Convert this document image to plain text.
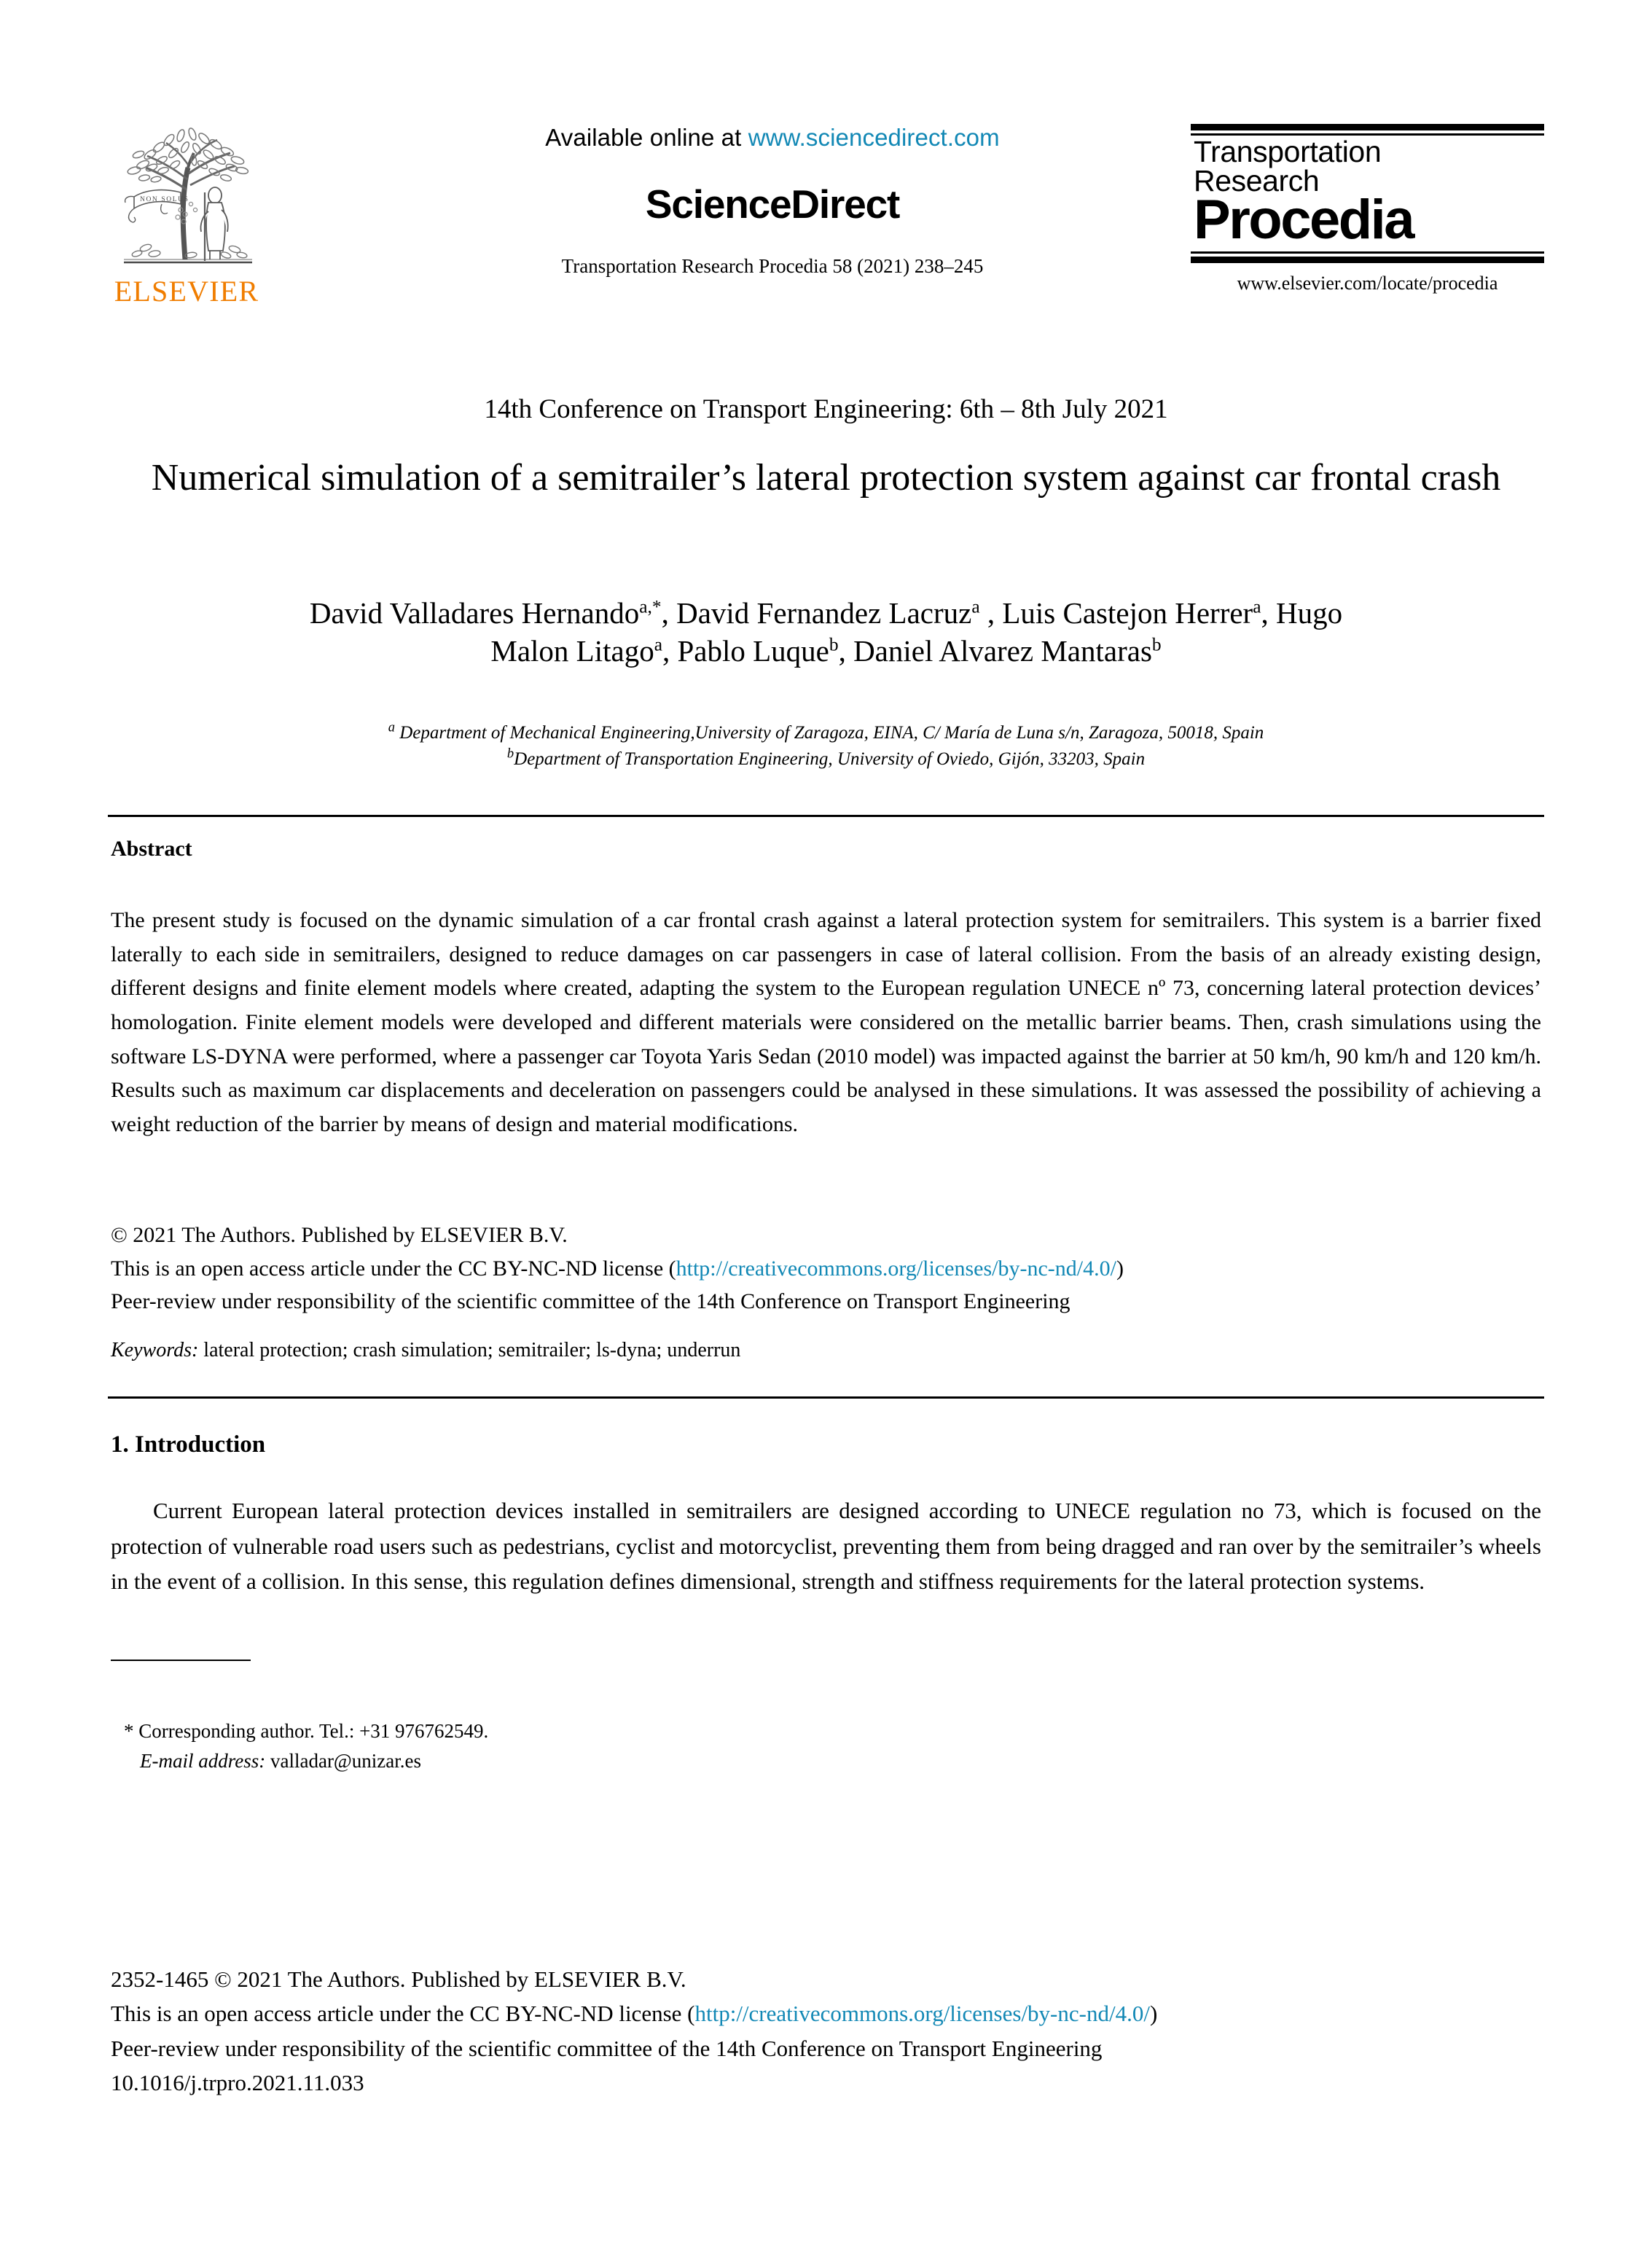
NON SOLUS
ELSEVIER
Available online at www.sciencedirect.com
ScienceDirect
Transportation Research Procedia 58 (2021) 238–245
Transportation
Research
Procedia
www.elsevier.com/locate/procedia
14th Conference on Transport Engineering: 6th – 8th July 2021
Numerical simulation of a semitrailer’s lateral protection system against car frontal crash
David Valladares Hernando$^{a,*}$, David Fernandez Lacruz$^a$ , Luis Castejon Herrer$^a$, Hugo
Malon Litago$^a$, Pablo Luque$^b$, Daniel Alvarez Mantaras$^b$
$^a$ Department of Mechanical Engineering,University of Zaragoza, EINA, C/ María de Luna s/n, Zaragoza, 50018, Spain
$^b$Department of Transportation Engineering, University of Oviedo, Gijón, 33203, Spain
Abstract
The present study is focused on the dynamic simulation of a car frontal crash against a lateral protection system for semitrailers. This system is a barrier fixed laterally to each side in semitrailers, designed to reduce damages on car passengers in case of lateral collision. From the basis of an already existing design, different designs and finite element models where created, adapting the system to the European regulation UNECE nº 73, concerning lateral protection devices’ homologation. Finite element models were developed and different materials were considered on the metallic barrier beams. Then, crash simulations using the software LS-DYNA were performed, where a passenger car Toyota Yaris Sedan (2010 model) was impacted against the barrier at 50 km/h, 90 km/h and 120 km/h. Results such as maximum car displacements and deceleration on passengers could be analysed in these simulations. It was assessed the possibility of achieving a weight reduction of the barrier by means of design and material modifications.
© 2021 The Authors. Published by ELSEVIER B.V.
This is an open access article under the CC BY-NC-ND license (http://creativecommons.org/licenses/by-nc-nd/4.0/)
Peer-review under responsibility of the scientific committee of the 14th Conference on Transport Engineering
Keywords: lateral protection; crash simulation; semitrailer; ls-dyna; underrun
1. Introduction
Current European lateral protection devices installed in semitrailers are designed according to UNECE regulation no 73, which is focused on the protection of vulnerable road users such as pedestrians, cyclist and motorcyclist, preventing them from being dragged and ran over by the semitrailer’s wheels in the event of a collision. In this sense, this regulation defines dimensional, strength and stiffness requirements for the lateral protection systems.
* Corresponding author. Tel.: +31 976762549.
E-mail address: valladar@unizar.es
2352-1465 © 2021 The Authors. Published by ELSEVIER B.V.
This is an open access article under the CC BY-NC-ND license (http://creativecommons.org/licenses/by-nc-nd/4.0/)
Peer-review under responsibility of the scientific committee of the 14th Conference on Transport Engineering
10.1016/j.trpro.2021.11.033
